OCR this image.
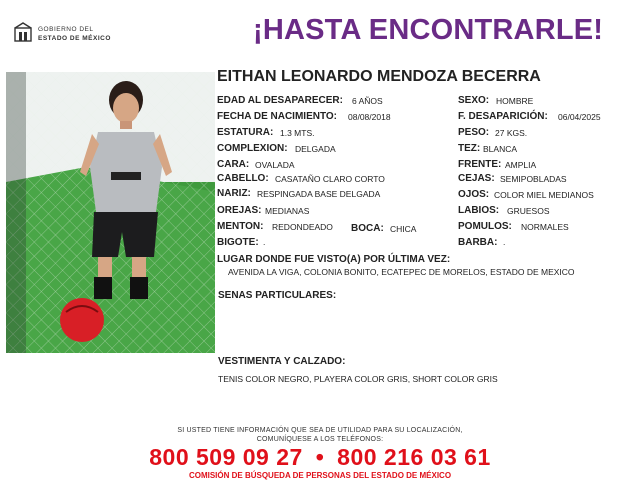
GOBIERNO DEL
ESTADO DE MÉXICO	¡HASTA ENCONTRARLE!
EITHAN LEONARDO MENDOZA BECERRA
EDAD AL DESAPARECER: 6 AÑOS
FECHA DE NACIMIENTO: 08/08/2018
ESTATURA: 1.3 MTS.
COMPLEXION: DELGADA
CARA: OVALADA
CABELLO: CASATAÑO CLARO CORTO
NARIZ: RESPINGADA BASE DELGADA
OREJAS: MEDIANAS
MENTON: REDONDEADO BOCA: CHICA
BIGOTE: .
SEXO: HOMBRE
F. DESAPARICIÓN: 06/04/2025
PESO: 27 KGS.
TEZ: BLANCA
FRENTE: AMPLIA
CEJAS: SEMIPOBLADAS
OJOS: COLOR MIEL MEDIANOS
LABIOS: GRUESOS
POMULOS: NORMALES
BARBA: .
LUGAR DONDE FUE VISTO(A) POR ÚLTIMA VEZ:
AVENIDA LA VIGA, COLONIA BONITO, ECATEPEC DE MORELOS, ESTADO DE MEXICO
SENAS PARTICULARES:
VESTIMENTA Y CALZADO:
TENIS COLOR NEGRO, PLAYERA COLOR GRIS, SHORT COLOR GRIS
SI USTED TIENE INFORMACIÓN QUE SEA DE UTILIDAD PARA SU LOCALIZACIÓN,
COMUNÍQUESE A LOS TELÉFONOS:
800 509 09 27 • 800 216 03 61
COMISIÓN DE BÚSQUEDA DE PERSONAS DEL ESTADO DE MÉXICO
